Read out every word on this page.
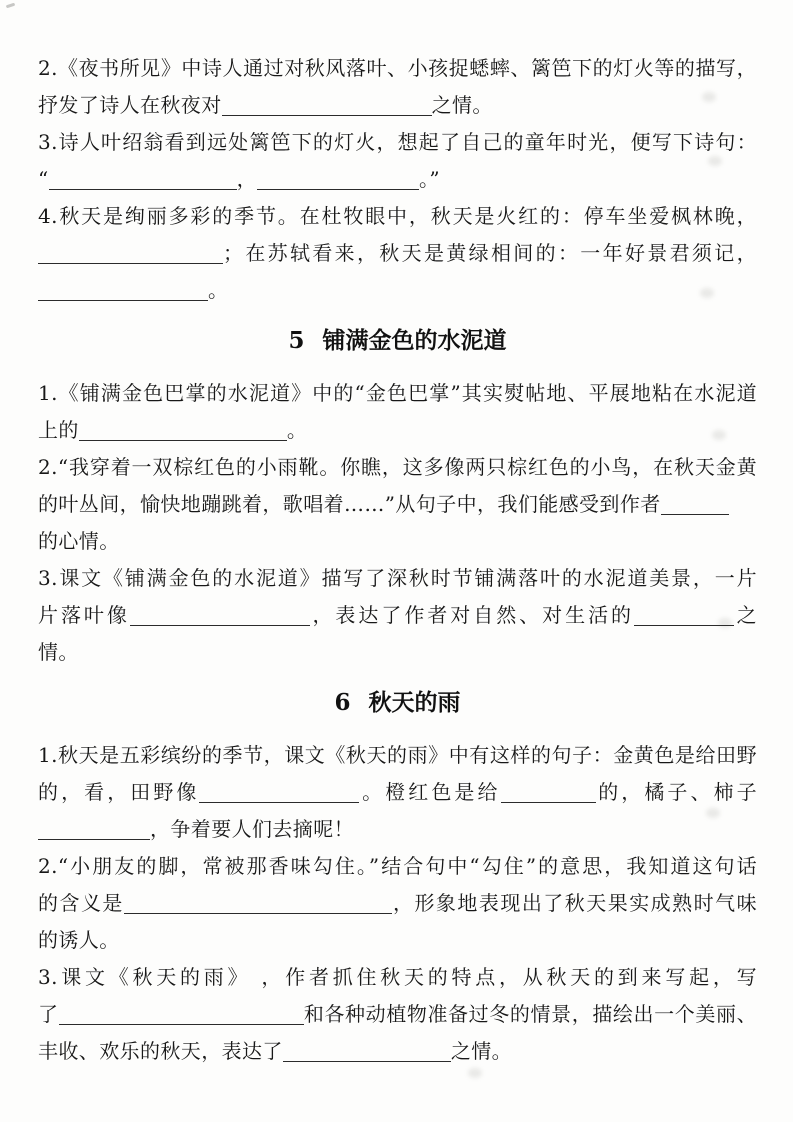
2.《夜书所见》中诗人通过对秋风落叶、小孩捉蟋蟀、篱笆下的灯火等的描写，
抒发了诗人在秋夜对	之情。
3.诗人叶绍翁看到远处篱笆下的灯火，想起了自己的童年时光，便写下诗句：
“	，	。”
4.秋天是绚丽多彩的季节。在杜牧眼中，秋天是火红的：停车坐爱枫林晚，
；在苏轼看来，秋天是黄绿相间的：一年好景君须记，
。
5 铺满金色的水泥道
1.《铺满金色巴掌的水泥道》中的“金色巴掌”其实熨帖地、平展地粘在水泥道
上的	。
2.“我穿着一双棕红色的小雨靴。你瞧，这多像两只棕红色的小鸟，在秋天金黄
的叶丛间，愉快地蹦跳着，歌唱着……”从句子中，我们能感受到作者
的心情。
3.课文《铺满金色的水泥道》描写了深秋时节铺满落叶的水泥道美景，一片
片落叶像	，表达了作者对自然、对生活的	之
情。
6 秋天的雨
1.秋天是五彩缤纷的季节，课文《秋天的雨》中有这样的句子：金黄色是给田野
的，看，田野像	。橙红色是给	的，橘子、柿子
，争着要人们去摘呢！
2.“小朋友的脚，常被那香味勾住。”结合句中“勾住”的意思，我知道这句话
的含义是	，形象地表现出了秋天果实成熟时气味
的诱人。
3.课文《秋天的雨》 ，作者抓住秋天的特点，从秋天的到来写起，写
了	和各种动植物准备过冬的情景，描绘出一个美丽、
丰收、欢乐的秋天，表达了	之情。
